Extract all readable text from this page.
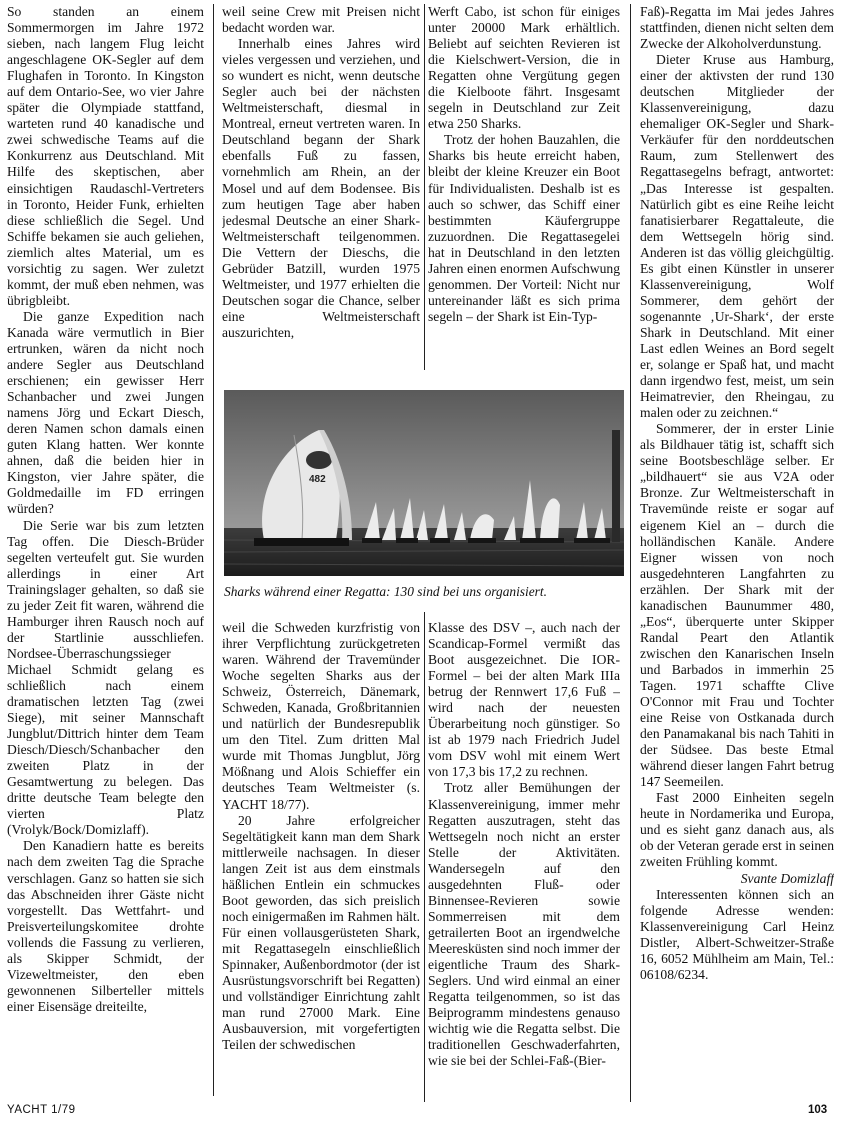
So standen an einem Sommermorgen im Jahre 1972 sieben, nach langem Flug leicht angeschlagene OK-Segler auf dem Flughafen in Toronto. In Kingston auf dem Ontario-See, wo vier Jahre später die Olympiade stattfand, warteten rund 40 kanadische und zwei schwedische Teams auf die Konkurrenz aus Deutschland. Mit Hilfe des skeptischen, aber einsichtigen Raudaschl-Vertreters in Toronto, Heider Funk, erhielten diese schließlich die Segel. Und Schiffe bekamen sie auch geliehen, ziemlich altes Material, um es vorsichtig zu sagen. Wer zuletzt kommt, der muß eben nehmen, was übrigbleibt.

Die ganze Expedition nach Kanada wäre vermutlich in Bier ertrunken, wären da nicht noch andere Segler aus Deutschland erschienen; ein gewisser Herr Schanbacher und zwei Jungen namens Jörg und Eckart Diesch, deren Namen schon damals einen guten Klang hatten. Wer konnte ahnen, daß die beiden hier in Kingston, vier Jahre später, die Goldmedaille im FD erringen würden?

Die Serie war bis zum letzten Tag offen. Die Diesch-Brüder segelten verteufelt gut. Sie wurden allerdings in einer Art Trainingslager gehalten, so daß sie zu jeder Zeit fit waren, während die Hamburger ihren Rausch noch auf der Startlinie ausschliefen. Nordsee-Überraschungssieger Michael Schmidt gelang es schließlich nach einem dramatischen letzten Tag (zwei Siege), mit seiner Mannschaft Jungblut/Dittrich hinter dem Team Diesch/Diesch/Schanbacher den zweiten Platz in der Gesamtwertung zu belegen. Das dritte deutsche Team belegte den vierten Platz (Vrolyk/Bock/Domizlaff).

Den Kanadiern hatte es bereits nach dem zweiten Tag die Sprache verschlagen. Ganz so hatten sie sich das Abschneiden ihrer Gäste nicht vorgestellt. Das Wettfahrt- und Preisverteilungskomitee drohte vollends die Fassung zu verlieren, als Skipper Schmidt, der Vizeweltmeister, den eben gewonnenen Silberteller mittels einer Eisensäge dreiteilte,

weil seine Crew mit Preisen nicht bedacht worden war.

Innerhalb eines Jahres wird vieles vergessen und verziehen, und so wundert es nicht, wenn deutsche Segler auch bei der nächsten Weltmeisterschaft, diesmal in Montreal, erneut vertreten waren. In Deutschland begann der Shark ebenfalls Fuß zu fassen, vornehmlich am Rhein, an der Mosel und auf dem Bodensee. Bis zum heutigen Tage aber haben jedesmal Deutsche an einer Shark-Weltmeisterschaft teilgenommen. Die Vettern der Dieschs, die Gebrüder Batzill, wurden 1975 Weltmeister, und 1977 erhielten die Deutschen sogar die Chance, selber eine Weltmeisterschaft auszurichten,

Werft Cabo, ist schon für einiges unter 20000 Mark erhältlich. Beliebt auf seichten Revieren ist die Kielschwert-Version, die in Regatten ohne Vergütung gegen die Kielboote fährt. Insgesamt segeln in Deutschland zur Zeit etwa 250 Sharks.

Trotz der hohen Bauzahlen, die Sharks bis heute erreicht haben, bleibt der kleine Kreuzer ein Boot für Individualisten. Deshalb ist es auch so schwer, das Schiff einer bestimmten Käufergruppe zuzuordnen. Die Regattasegelei hat in Deutschland in den letzten Jahren einen enormen Aufschwung genommen. Der Vorteil: Nicht nur untereinander läßt es sich prima segeln – der Shark ist Ein-Typ-

482
Sharks während einer Regatta: 130 sind bei uns organisiert.

weil die Schweden kurzfristig von ihrer Verpflichtung zurückgetreten waren. Während der Travemünder Woche segelten Sharks aus der Schweiz, Österreich, Dänemark, Schweden, Kanada, Großbritannien und natürlich der Bundesrepublik um den Titel. Zum dritten Mal wurde mit Thomas Jungblut, Jörg Mößnang und Alois Schieffer ein deutsches Team Weltmeister (s. YACHT 18/77).

20 Jahre erfolgreicher Segeltätigkeit kann man dem Shark mittlerweile nachsagen. In dieser langen Zeit ist aus dem einstmals häßlichen Entlein ein schmuckes Boot geworden, das sich preislich noch einigermaßen im Rahmen hält. Für einen vollausgerüsteten Shark, mit Regattasegeln einschließlich Spinnaker, Außenbordmotor (der ist Ausrüstungsvorschrift bei Regatten) und vollständiger Einrichtung zahlt man rund 27000 Mark. Eine Ausbauversion, mit vorgefertigten Teilen der schwedischen

Klasse des DSV –, auch nach der Scandicap-Formel vermißt das Boot ausgezeichnet. Die IOR-Formel – bei der alten Mark IIIa betrug der Rennwert 17,6 Fuß – wird nach der neuesten Überarbeitung noch günstiger. So ist ab 1979 nach Friedrich Judel vom DSV wohl mit einem Wert von 17,3 bis 17,2 zu rechnen.

Trotz aller Bemühungen der Klassenvereinigung, immer mehr Regatten auszutragen, steht das Wettsegeln noch nicht an erster Stelle der Aktivitäten. Wandersegeln auf den ausgedehnten Fluß- oder Binnensee-Revieren sowie Sommerreisen mit dem getrailerten Boot an irgendwelche Meeresküsten sind noch immer der eigentliche Traum des Shark-Seglers. Und wird einmal an einer Regatta teilgenommen, so ist das Beiprogramm mindestens genauso wichtig wie die Regatta selbst. Die traditionellen Geschwaderfahrten, wie sie bei der Schlei-Faß-(Bier-

Faß)-Regatta im Mai jedes Jahres stattfinden, dienen nicht selten dem Zwecke der Alkoholverdunstung.

Dieter Kruse aus Hamburg, einer der aktivsten der rund 130 deutschen Mitglieder der Klassenvereinigung, dazu ehemaliger OK-Segler und Shark-Verkäufer für den norddeutschen Raum, zum Stellenwert des Regattasegelns befragt, antwortet: „Das Interesse ist gespalten. Natürlich gibt es eine Reihe leicht fanatisierbarer Regattaleute, die dem Wettsegeln hörig sind. Anderen ist das völlig gleichgültig. Es gibt einen Künstler in unserer Klassenvereinigung, Wolf Sommerer, dem gehört der sogenannte ‚Ur-Shark‘, der erste Shark in Deutschland. Mit einer Last edlen Weines an Bord segelt er, solange er Spaß hat, und macht dann irgendwo fest, meist, um sein Heimatrevier, den Rheingau, zu malen oder zu zeichnen.“

Sommerer, der in erster Linie als Bildhauer tätig ist, schafft sich seine Bootsbeschläge selber. Er „bildhauert“ sie aus V2A oder Bronze. Zur Weltmeisterschaft in Travemünde reiste er sogar auf eigenem Kiel an – durch die holländischen Kanäle. Andere Eigner wissen von noch ausgedehnteren Langfahrten zu erzählen. Der Shark mit der kanadischen Baunummer 480, „Eos“, überquerte unter Skipper Randal Peart den Atlantik zwischen den Kanarischen Inseln und Barbados in immerhin 25 Tagen. 1971 schaffte Clive O'Connor mit Frau und Tochter eine Reise von Ostkanada durch den Panamakanal bis nach Tahiti in der Südsee. Das beste Etmal während dieser langen Fahrt betrug 147 Seemeilen.

Fast 2000 Einheiten segeln heute in Nordamerika und Europa, und es sieht ganz danach aus, als ob der Veteran gerade erst in seinen zweiten Frühling kommt.

Svante Domizlaff

Interessenten können sich an folgende Adresse wenden: Klassenvereinigung Carl Heinz Distler, Albert-Schweitzer-Straße 16, 6052 Mühlheim am Main, Tel.: 06108/6234.

YACHT 1/79	103
